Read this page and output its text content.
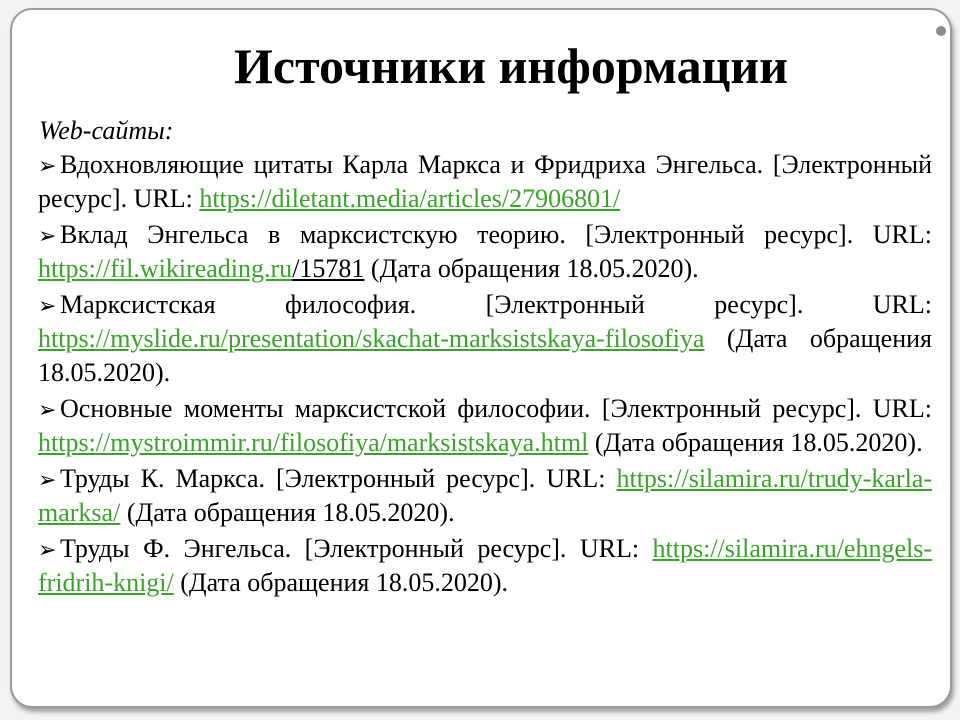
Источники информации

Web-сайты:

➢ Вдохновляющие цитаты Карла Маркса и Фридриха Энгельса. [Электронный ресурс]. URL: https://diletant.media/articles/27906801/
➢ Вклад Энгельса в марксистскую теорию. [Электронный ресурс]. URL: https://fil.wikireading.ru/15781 (Дата обращения 18.05.2020).
➢ Марксистская философия. [Электронный ресурс]. URL: https://myslide.ru/presentation/skachat-marksistskaya-filosofiya (Дата обращения 18.05.2020).
➢ Основные моменты марксистской философии. [Электронный ресурс]. URL: https://mystroimmir.ru/filosofiya/marksistskaya.html (Дата обращения 18.05.2020).
➢ Труды К. Маркса. [Электронный ресурс]. URL: https://silamira.ru/trudy-karla-marksa/ (Дата обращения 18.05.2020).
➢ Труды Ф. Энгельса. [Электронный ресурс]. URL: https://silamira.ru/ehngels-fridrih-knigi/ (Дата обращения 18.05.2020).
